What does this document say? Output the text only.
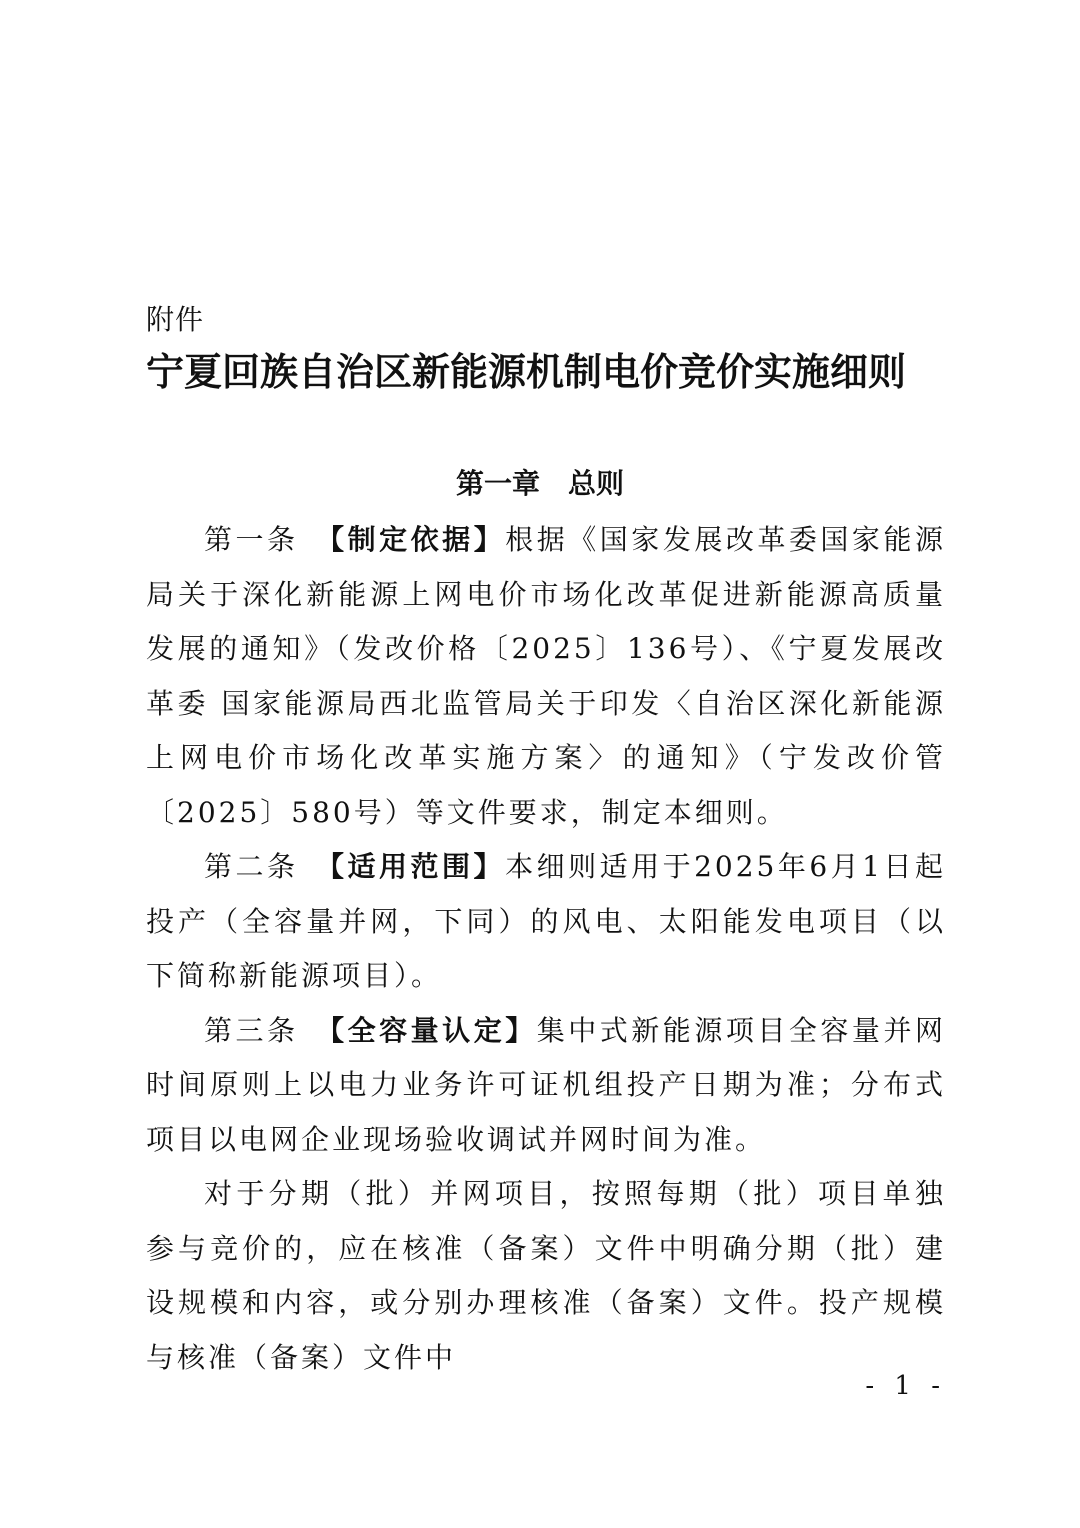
附件
宁夏回族自治区新能源机制电价竞价实施细则
第一章　总则

第一条　 【制定依据】根据《国家发展改革委国家能源局关于深化新能源上网电价市场化改革促进新能源高质量发展的通知》（发改价格〔2025〕136号）、《宁夏发展改革委 国家能源局西北监管局关于印发〈自治区深化新能源上网电价市场化改革实施方案〉的通知》（宁发改价管〔2025〕580号）等文件要求，制定本细则。

第二条　 【适用范围】本细则适用于2025年6月1日起投产（全容量并网，下同）的风电、太阳能发电项目（以下简称新能源项目）。

第三条　 【全容量认定】集中式新能源项目全容量并网时间原则上以电力业务许可证机组投产日期为准；分布式项目以电网企业现场验收调试并网时间为准。

对于分期（批）并网项目，按照每期（批）项目单独参与竞价的，应在核准（备案）文件中明确分期（批）建设规模和内容，或分别办理核准（备案）文件。投产规模与核准（备案）文件中

- 1 -
